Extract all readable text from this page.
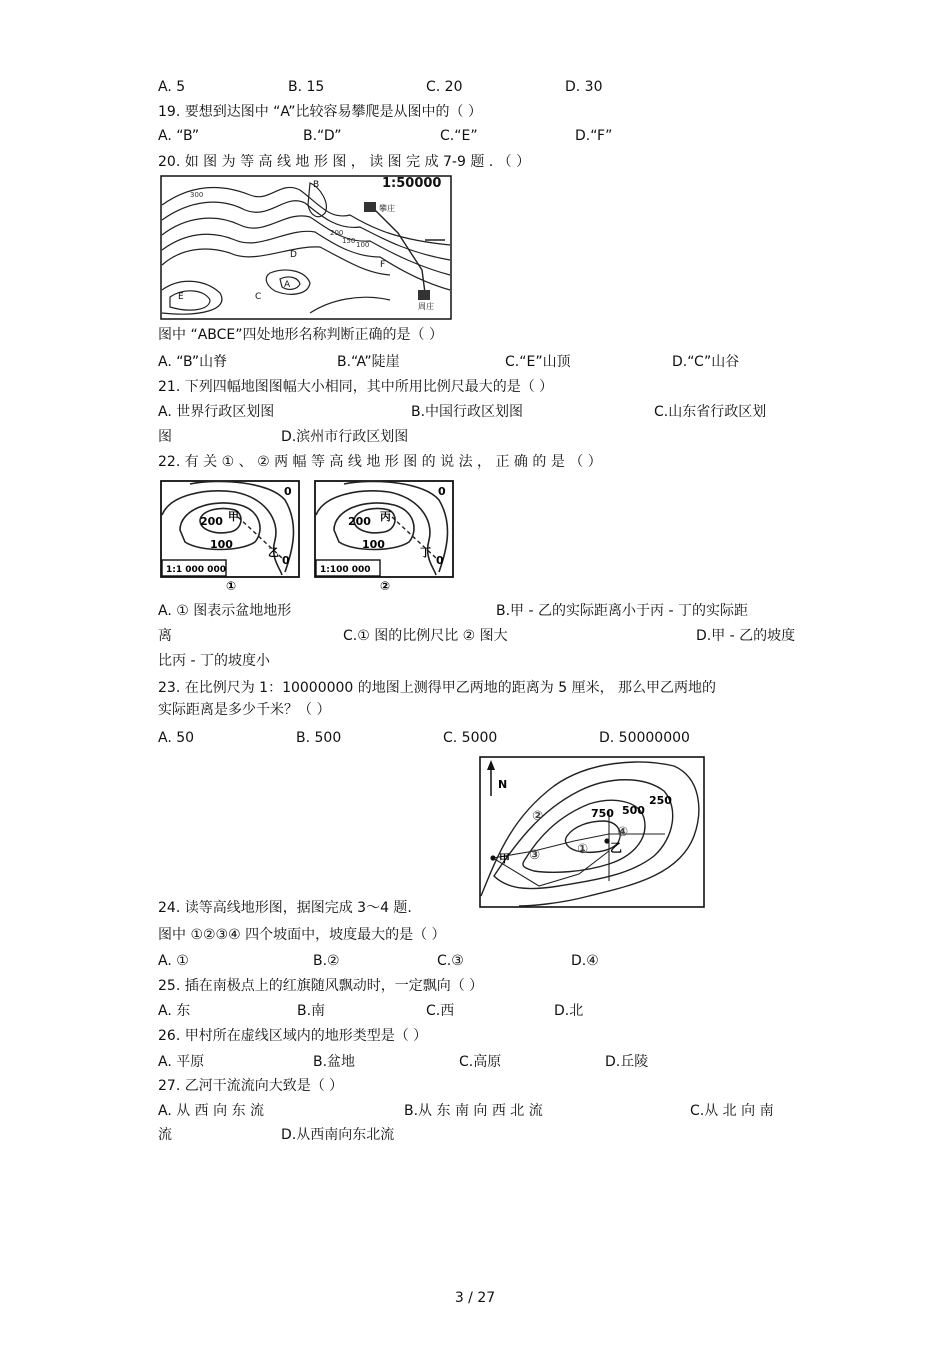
A. 5	B. 15	C. 20	D. 30
19. 要想到达图中 “A”比较容易攀爬是从图中的（ ）
A. “B”	B.“D”	C.“E”	D.“F”
20. 如 图 为 等 高 线 地 形 图 ， 读 图 完 成 7-9 题 . （ ）
1:50000
攀庄
周庄
300
200
150 100
A
B
C
D
E
F
图中 “ABCE”四处地形名称判断正确的是（ ）
A. “B”山脊	B.“A”陡崖	C.“E”山顶	D.“C”山谷
21. 下列四幅地图图幅大小相同，其中所用比例尺最大的是（ ）
A. 世界行政区划图	B.中国行政区划图	C.山东省行政区划
图	D.滨州市行政区划图
22. 有 关 ① 、 ② 两 幅 等 高 线 地 形 图 的 说 法 ， 正 确 的 是 （ ）
0
200 甲
100
乙
0
1:1 000 000
①
0
200 丙
100
丁
0
1:100 000
②
A. ① 图表示盆地地形	B.甲 - 乙的实际距离小于丙 - 丁的实际距
离	C.① 图的比例尺比 ② 图大	D.甲 - 乙的坡度
比丙 - 丁的坡度小
23. 在比例尺为 1：10000000 的地图上测得甲乙两地的距离为 5 厘米， 那么甲乙两地的
实际距离是多少千米？（ ）
A. 50	B. 500	C. 5000	D. 50000000
N
甲
乙
750 500
250
②
①
③
④
24. 读等高线地形图，据图完成 3～4 题.
图中 ①②③④ 四个坡面中，坡度最大的是（ ）
A. ①	B.②	C.③	D.④
25. 插在南极点上的红旗随风飘动时，一定飘向（ ）
A. 东	B.南	C.西	D.北
26. 甲村所在虚线区域内的地形类型是（ ）
A. 平原	B.盆地	C.高原	D.丘陵
27. 乙河干流流向大致是（ ）
A. 从 西 向 东 流	B.从 东 南 向 西 北 流	C.从 北 向 南
流	D.从西南向东北流
3 / 27
